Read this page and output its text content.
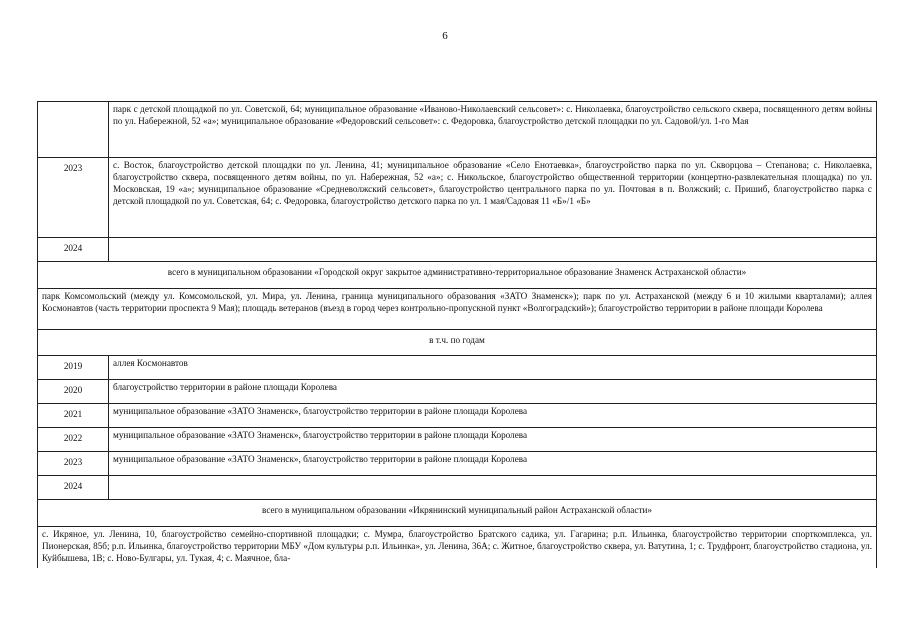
6
	парк с детской площадкой по ул. Советской, 64; муниципальное образование «Иваново-Николаевский сельсовет»: с. Николаевка, благоустройство сельского сквера, посвященного детям войны по ул. Набережной, 52 «а»; муниципальное образование «Федоровский сельсовет»: с. Федоровка, благоустройство детской площадки по ул. Садовой/ул. 1-го Мая
2023	с. Восток, благоустройство детской площадки по ул. Ленина, 41; муниципальное образование «Село Енотаевка», благоустройство парка по ул. Скворцова – Степанова; с. Николаевка, благоустройство сквера, посвященного детям войны, по ул. Набережная, 52 «а»; с. Никольское, благоустройство общественной территории (концертно-развлекательная площадка) по ул. Московская, 19 «а»; муниципальное образование «Средневолжский сельсовет», благоустройство центрального парка по ул. Почтовая в п. Волжский; с. Пришиб, благоустройство парка с детской площадкой по ул. Советская, 64; с. Федоровка, благоустройство детского парка по ул. 1 мая/Садовая 11 «Б»/1 «Б»
2024	
всего в муниципальном образовании «Городской округ закрытое административно-территориальное образование Знаменск Астраханской области»	
парк Комсомольский (между ул. Комсомольской, ул. Мира, ул. Ленина, граница муниципального образования «ЗАТО Знаменск»); парк по ул. Астраханской (между 6 и 10 жилыми кварталами); аллея Космонавтов (часть территории проспекта 9 Мая); площадь ветеранов (въезд в город через контрольно-пропускной пункт «Волгоградский»); благоустройство территории в районе площади Королева	
в т.ч. по годам	
2019	аллея Космонавтов
2020	благоустройство территории в районе площади Королева
2021	муниципальное образование «ЗАТО Знаменск», благоустройство территории в районе площади Королева
2022	муниципальное образование «ЗАТО Знаменск», благоустройство территории в районе площади Королева
2023	муниципальное образование «ЗАТО Знаменск», благоустройство территории в районе площади Королева
2024	
всего в муниципальном образовании «Икрянинский муниципальный район Астраханской области»	
с. Икряное, ул. Ленина, 10, благоустройство семейно-спортивной площадки; с. Мумра, благоустройство Братского садика, ул. Гагарина; р.п. Ильинка, благоустройство территории спорткомплекса, ул. Пионерская, 85б; р.п. Ильинка, благоустройство территории МБУ «Дом культуры р.п. Ильинка», ул. Ленина, 36А; с. Житное, благоустройство сквера, ул. Ватутина, 1; с. Трудфронт, благоустройство стадиона, ул. Куйбышева, 1В; с. Ново-Булгары, ул. Тукая, 4; с. Маячное, бла-	
